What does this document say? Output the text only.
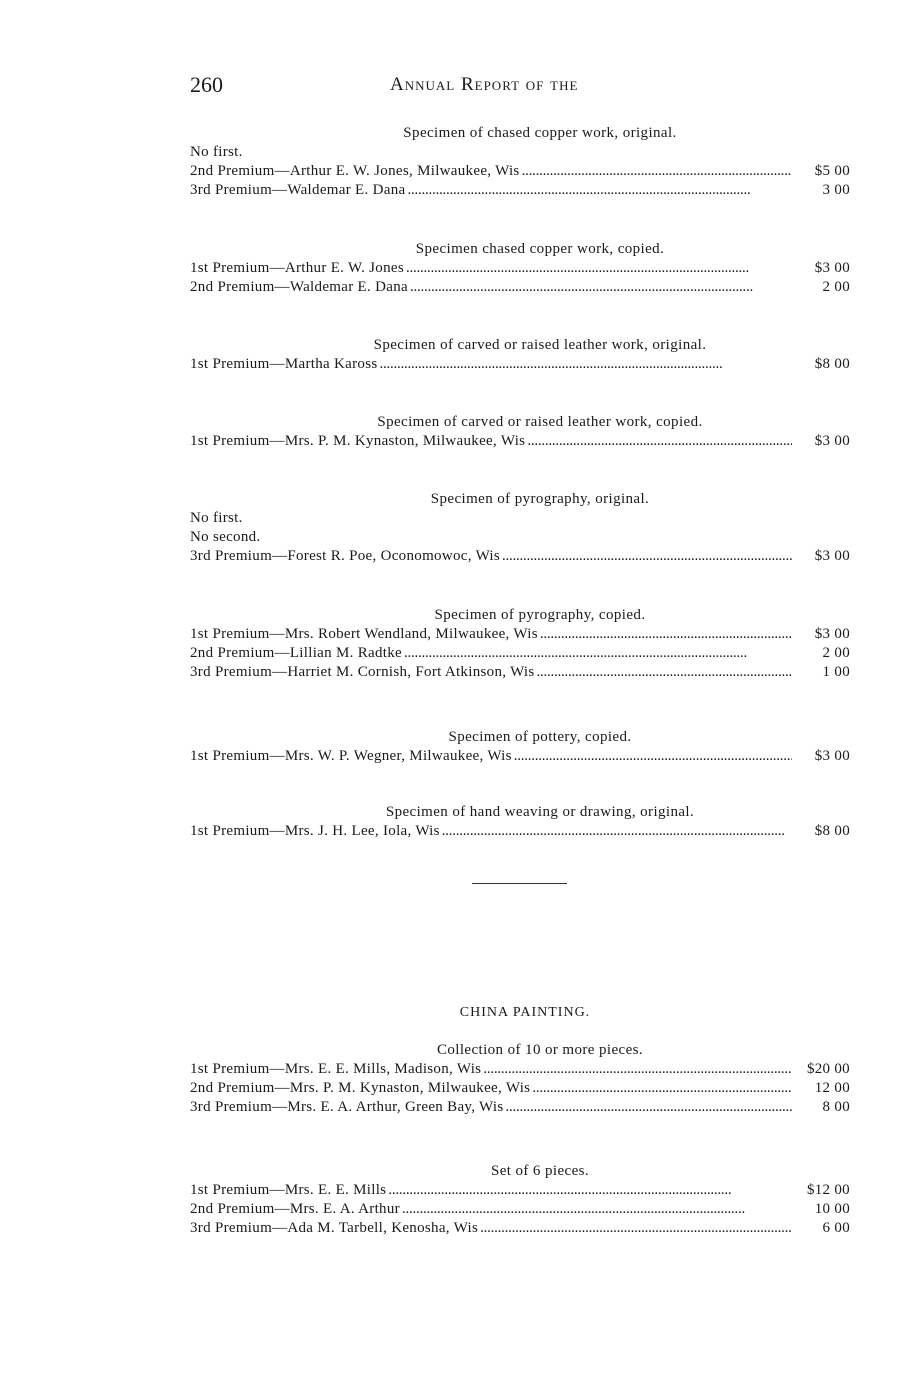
260	Annual Report of the
Specimen of chased copper work, original.
No first.
2nd Premium—Arthur E. W. Jones, Milwaukee, Wis . . .	$5 00
3rd Premium—Waldemar E. Dana . . .	3 00
Specimen chased copper work, copied.
1st Premium—Arthur E. W. Jones . . .	$3 00
2nd Premium—Waldemar E. Dana . . .	2 00
Specimen of carved or raised leather work, original.
1st Premium—Martha Kaross . . .	$8 00
Specimen of carved or raised leather work, copied.
1st Premium—Mrs. P. M. Kynaston, Milwaukee, Wis . . .	$3 00
Specimen of pyrography, original.
No first.
No second.
3rd Premium—Forest R. Poe, Oconomowoc, Wis . . .	$3 00
Specimen of pyrography, copied.
1st Premium—Mrs. Robert Wendland, Milwaukee, Wis . . .	$3 00
2nd Premium—Lillian M. Radtke . . .	2 00
3rd Premium—Harriet M. Cornish, Fort Atkinson, Wis . . .	1 00
Specimen of pottery, copied.
1st Premium—Mrs. W. P. Wegner, Milwaukee, Wis . . .	$3 00
Specimen of hand weaving or drawing, original.
1st Premium—Mrs. J. H. Lee, Iola, Wis . . .	$8 00
CHINA PAINTING.
Collection of 10 or more pieces.
1st Premium—Mrs. E. E. Mills, Madison, Wis . . .	$20 00
2nd Premium—Mrs. P. M. Kynaston, Milwaukee, Wis . . .	12 00
3rd Premium—Mrs. E. A. Arthur, Green Bay, Wis . . .	8 00
Set of 6 pieces.
1st Premium—Mrs. E. E. Mills . . .	$12 00
2nd Premium—Mrs. E. A. Arthur . . .	10 00
3rd Premium—Ada M. Tarbell, Kenosha, Wis . . .	6 00
